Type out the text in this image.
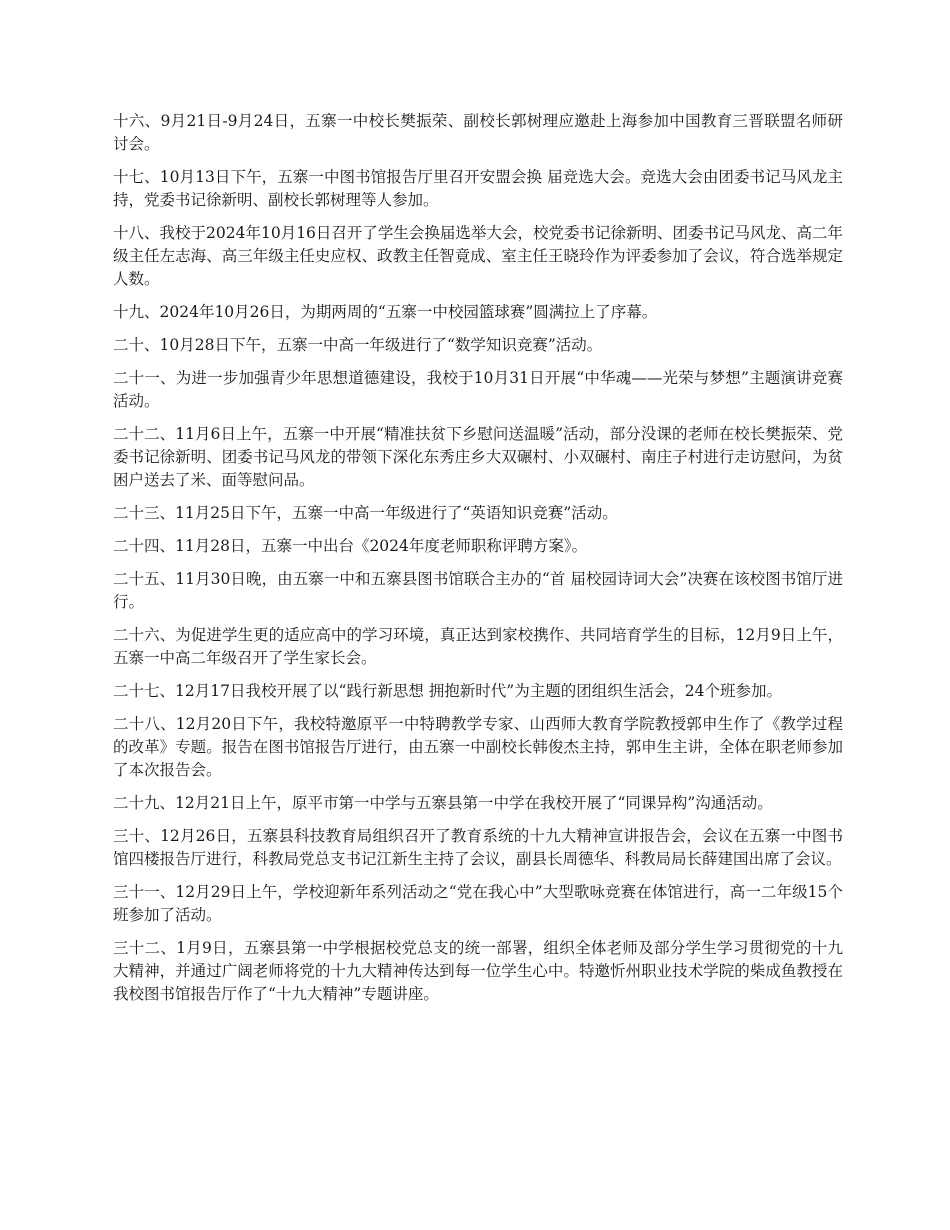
十六、9月21日-9月24日，五寨一中校长樊振荣、副校长郭树理应邀赴上海参加中国教育三晋联盟名师研讨会。

十七、10月13日下午，五寨一中图书馆报告厅里召开安盟会换 届竞选大会。竞选大会由团委书记马风龙主持，党委书记徐新明、副校长郭树理等人参加。

十八、我校于2024年10月16日召开了学生会换届选举大会，校党委书记徐新明、团委书记马风龙、高二年级主任左志海、高三年级主任史应权、政教主任智竟成、室主任王晓玲作为评委参加了会议，符合选举规定人数。

十九、2024年10月26日，为期两周的“五寨一中校园篮球赛”圆满拉上了序幕。

二十、10月28日下午，五寨一中高一年级进行了“数学知识竞赛”活动。

二十一、为进一步加强青少年思想道德建设，我校于10月31日开展“中华魂——光荣与梦想”主题演讲竞赛活动。

二十二、11月6日上午，五寨一中开展“精准扶贫下乡慰问送温暖”活动，部分没课的老师在校长樊振荣、党委书记徐新明、团委书记马风龙的带领下深化东秀庄乡大双碾村、小双碾村、南庄子村进行走访慰问，为贫困户送去了米、面等慰问品。

二十三、11月25日下午，五寨一中高一年级进行了“英语知识竞赛”活动。

二十四、11月28日，五寨一中出台《2024年度老师职称评聘方案》。

二十五、11月30日晚，由五寨一中和五寨县图书馆联合主办的“首 届校园诗词大会”决赛在该校图书馆厅进行。

二十六、为促进学生更的适应高中的学习环境，真正达到家校携作、共同培育学生的目标，12月9日上午，五寨一中高二年级召开了学生家长会。

二十七、12月17日我校开展了以“践行新思想 拥抱新时代”为主题的团组织生活会，24个班参加。

二十八、12月20日下午，我校特邀原平一中特聘教学专家、山西师大教育学院教授郭申生作了《教学过程的改革》专题。报告在图书馆报告厅进行，由五寨一中副校长韩俊杰主持，郭申生主讲，全体在职老师参加了本次报告会。

二十九、12月21日上午，原平市第一中学与五寨县第一中学在我校开展了“同课异构”沟通活动。

三十、12月26日，五寨县科技教育局组织召开了教育系统的十九大精神宣讲报告会，会议在五寨一中图书馆四楼报告厅进行，科教局党总支书记江新生主持了会议，副县长周德华、科教局局长薛建国出席了会议。

三十一、12月29日上午，学校迎新年系列活动之“党在我心中”大型歌咏竞赛在体馆进行，高一二年级15个班参加了活动。

三十二、1月9日，五寨县第一中学根据校党总支的统一部署，组织全体老师及部分学生学习贯彻党的十九大精神，并通过广阔老师将党的十九大精神传达到每一位学生心中。特邀忻州职业技术学院的柴成鱼教授在我校图书馆报告厅作了“十九大精神”专题讲座。
